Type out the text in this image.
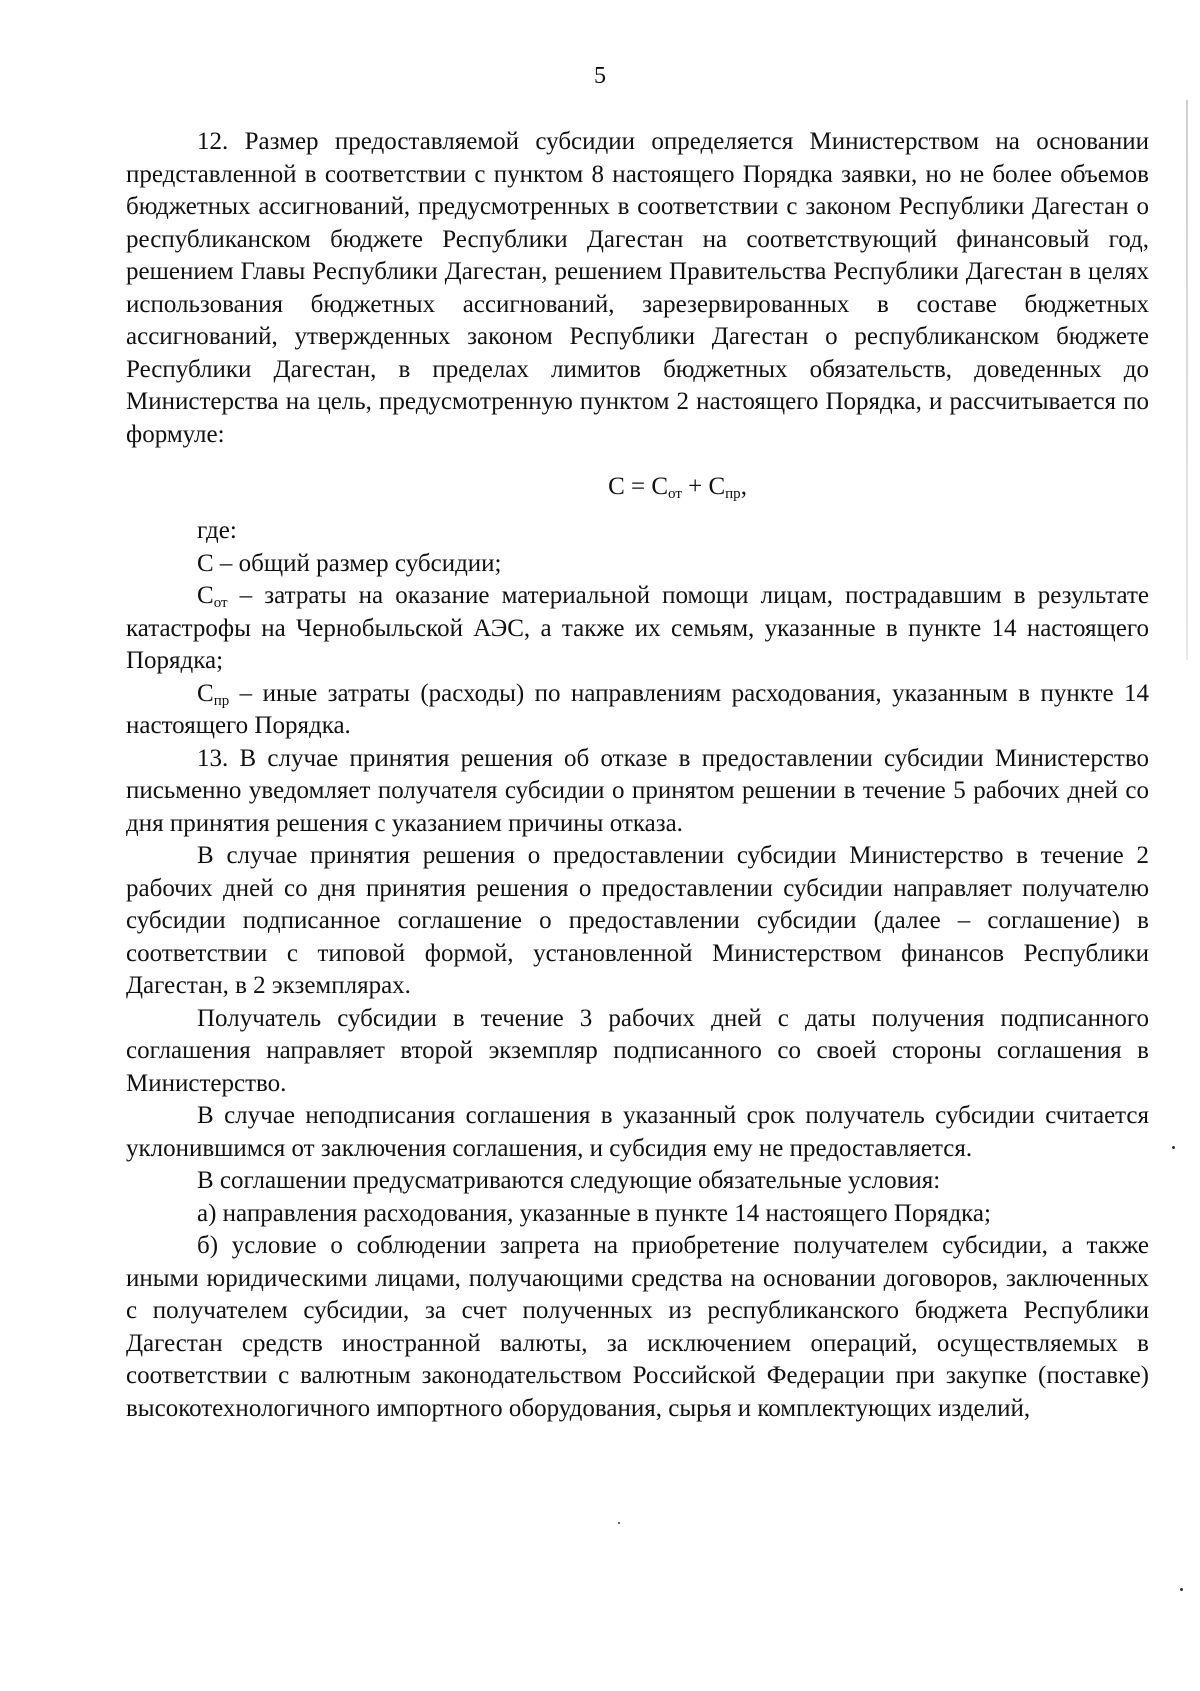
5

12. Размер предоставляемой субсидии определяется Министерством на основании представленной в соответствии с пунктом 8 настоящего Порядка заявки, но не более объемов бюджетных ассигнований, предусмотренных в соответствии с законом Республики Дагестан о республиканском бюджете Республики Дагестан на соответствующий финансовый год, решением Главы Республики Дагестан, решением Правительства Республики Дагестан в целях использования бюджетных ассигнований, зарезервированных в составе бюджетных ассигнований, утвержденных законом Республики Дагестан о республиканском бюджете Республики Дагестан, в пределах лимитов бюджетных обязательств, доведенных до Министерства на цель, предусмотренную пунктом 2 настоящего Порядка, и рассчитывается по формуле:

$C = C_{от} + C_{пр}$,

где:

C – общий размер субсидии;

$C_{от}$ – затраты на оказание материальной помощи лицам, пострадавшим в результате катастрофы на Чернобыльской АЭС, а также их семьям, указанные в пункте 14 настоящего Порядка;

$C_{пр}$ – иные затраты (расходы) по направлениям расходования, указанным в пункте 14 настоящего Порядка.

13. В случае принятия решения об отказе в предоставлении субсидии Министерство письменно уведомляет получателя субсидии о принятом решении в течение 5 рабочих дней со дня принятия решения с указанием причины отказа.

В случае принятия решения о предоставлении субсидии Министерство в течение 2 рабочих дней со дня принятия решения о предоставлении субсидии направляет получателю субсидии подписанное соглашение о предоставлении субсидии (далее – соглашение) в соответствии с типовой формой, установленной Министерством финансов Республики Дагестан, в 2 экземплярах.

Получатель субсидии в течение 3 рабочих дней с даты получения подписанного соглашения направляет второй экземпляр подписанного со своей стороны соглашения в Министерство.

В случае неподписания соглашения в указанный срок получатель субсидии считается уклонившимся от заключения соглашения, и субсидия ему не предоставляется.

В соглашении предусматриваются следующие обязательные условия:

а) направления расходования, указанные в пункте 14 настоящего Порядка;

б) условие о соблюдении запрета на приобретение получателем субсидии, а также иными юридическими лицами, получающими средства на основании договоров, заключенных с получателем субсидии, за счет полученных из республиканского бюджета Республики Дагестан средств иностранной валюты, за исключением операций, осуществляемых в соответствии с валютным законодательством Российской Федерации при закупке (поставке) высокотехнологичного импортного оборудования, сырья и комплектующих изделий,
